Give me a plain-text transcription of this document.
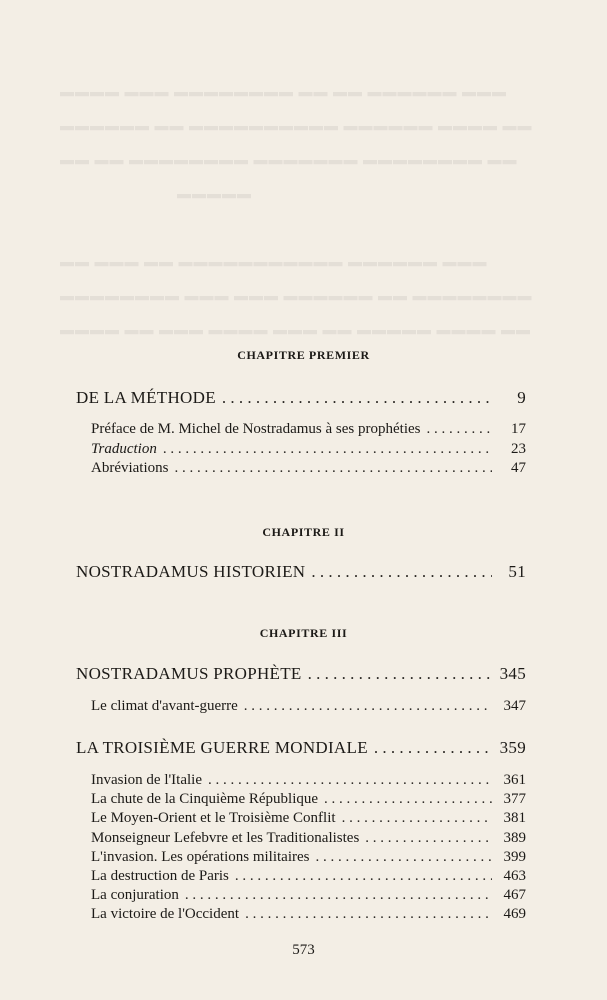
▬▬▬▬ ▬▬ ▬▬▬ ▬▬▬▬ ▬▬▬ ▬▬ ▬▬▬▬▬ ▬▬▬▬ ▬▬
▬▬▬▬▬▬▬▬ ▬▬▬ ▬▬▬ ▬▬▬▬▬▬ ▬▬ ▬▬▬▬▬▬▬▬
▬▬ ▬▬▬ ▬▬ ▬▬▬▬▬▬▬▬▬▬▬ ▬▬▬▬▬▬ ▬▬▬

▬▬▬▬▬
▬▬ ▬▬ ▬▬▬▬▬▬▬▬ ▬▬▬▬▬▬▬ ▬▬▬▬▬▬▬▬ ▬▬
▬▬▬▬▬▬ ▬▬ ▬▬▬▬▬▬▬▬▬▬ ▬▬▬▬▬▬ ▬▬▬▬ ▬▬
▬▬▬▬ ▬▬▬ ▬▬▬▬▬▬▬▬ ▬▬ ▬▬ ▬▬▬▬▬▬ ▬▬▬
CHAPITRE PREMIER
DE LA MÉTHODE . . .	9
Préface de M. Michel de Nostradamus à ses prophéties . . .	17
Traduction . . .	23
Abréviations . . .	47
CHAPITRE II
NOSTRADAMUS HISTORIEN . . .	51
CHAPITRE III
NOSTRADAMUS PROPHÈTE . . .	345
Le climat d'avant-guerre . . .	347
LA TROISIÈME GUERRE MONDIALE . . .	359
Invasion de l'Italie . . .	361
La chute de la Cinquième République . . .	377
Le Moyen-Orient et le Troisième Conflit . . .	381
Monseigneur Lefebvre et les Traditionalistes . . .	389
L'invasion. Les opérations militaires . . .	399
La destruction de Paris . . .	463
La conjuration . . .	467
La victoire de l'Occident . . .	469
573
